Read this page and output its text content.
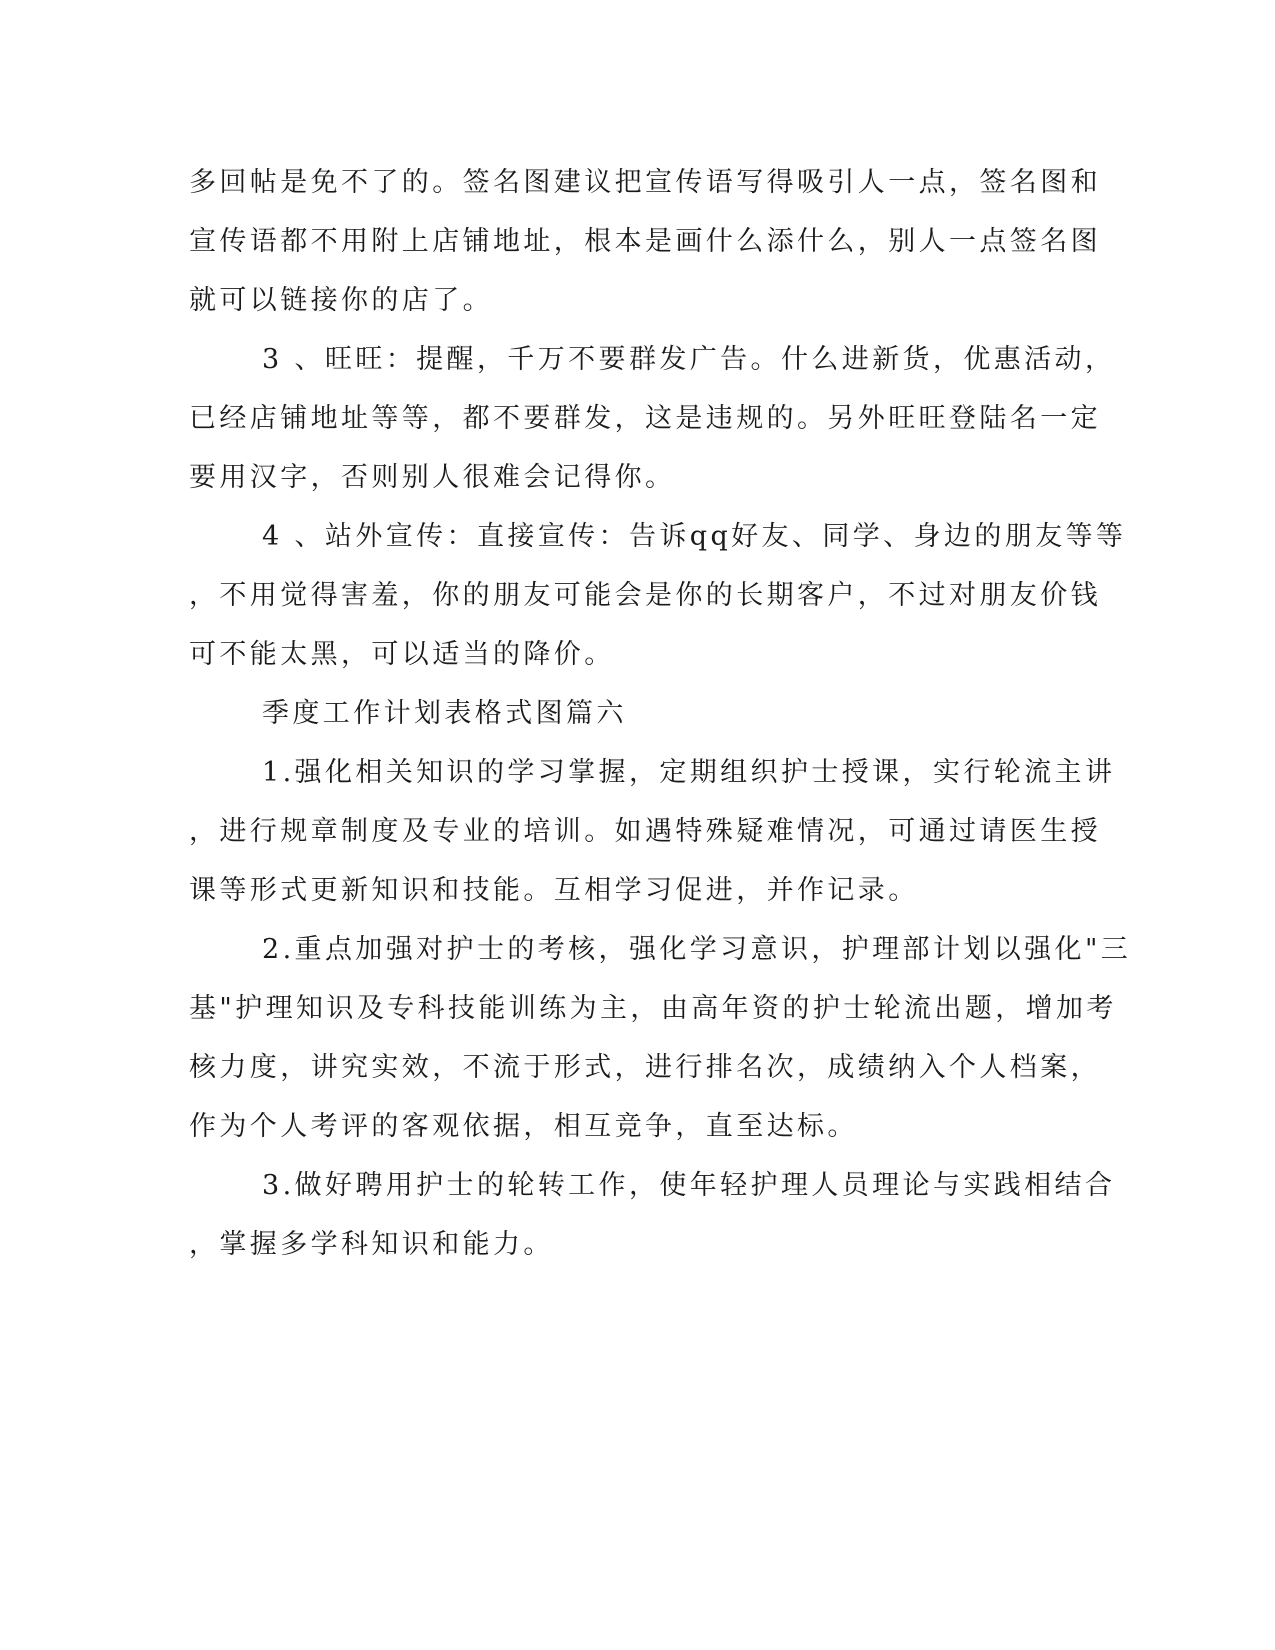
多回帖是免不了的。签名图建议把宣传语写得吸引人一点，签名图和

宣传语都不用附上店铺地址，根本是画什么添什么，别人一点签名图

就可以链接你的店了。

3 、旺旺：提醒，千万不要群发广告。什么进新货，优惠活动，

已经店铺地址等等，都不要群发，这是违规的。另外旺旺登陆名一定

要用汉字，否则别人很难会记得你。

4 、站外宣传：直接宣传：告诉qq好友、同学、身边的朋友等等

，不用觉得害羞，你的朋友可能会是你的长期客户，不过对朋友价钱

可不能太黑，可以适当的降价。

季度工作计划表格式图篇六

1.强化相关知识的学习掌握，定期组织护士授课，实行轮流主讲

，进行规章制度及专业的培训。如遇特殊疑难情况，可通过请医生授

课等形式更新知识和技能。互相学习促进，并作记录。

2.重点加强对护士的考核，强化学习意识，护理部计划以强化"三

基"护理知识及专科技能训练为主，由高年资的护士轮流出题，增加考

核力度，讲究实效，不流于形式，进行排名次，成绩纳入个人档案，

作为个人考评的客观依据，相互竞争，直至达标。

3.做好聘用护士的轮转工作，使年轻护理人员理论与实践相结合

，掌握多学科知识和能力。
